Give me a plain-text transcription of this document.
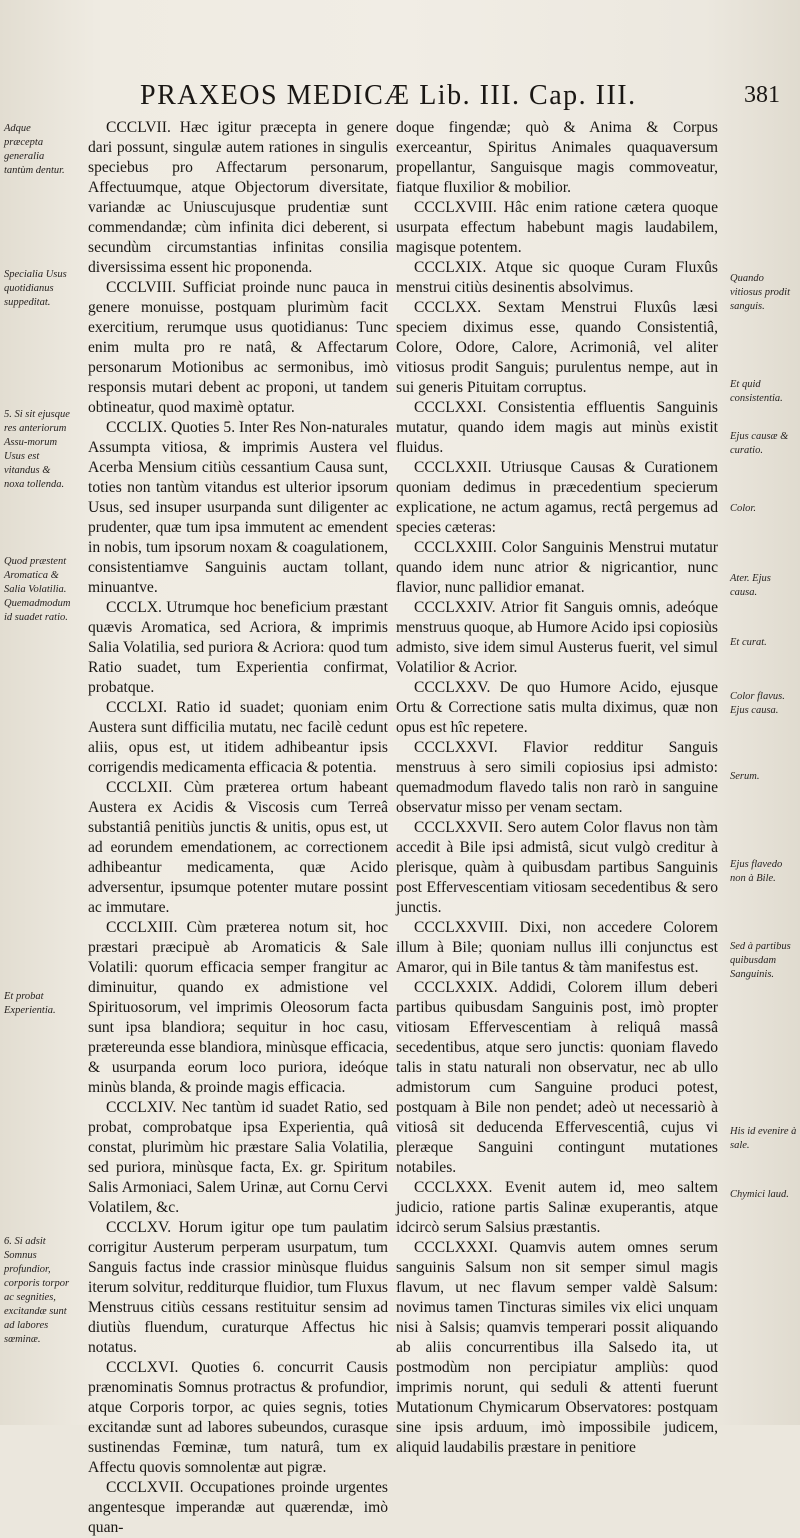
PRAXEOS MEDICÆ Lib. III. Cap. III.	381
Adque præcepta generalia tantùm dentur.
Specialia Usus quotidianus suppeditat.
5. Si sit ejusque res anteriorum Assu-morum Usus est vitandus & noxa tollenda.
Quod præstent Aromatica & Salia Volatilia. Quemadmodum id suadet ratio.
Et probat Experientia.
6. Si adsit Somnus profundior, corporis torpor ac segnities, excitandæ sunt ad labores sœminæ.
Quando vitiosus prodit sanguis.
Et quid consistentia.
Ejus causæ & curatio.
Color.
Ater. Ejus causa.
Et curat.
Color flavus. Ejus causa.
Serum.
Ejus flavedo non à Bile.
Sed à partibus quibusdam Sanguinis.
His id evenire à sale.
Chymici laud.

CCCLVII. Hæc igitur præcepta in genere dari possunt, singulæ autem rationes in singulis speciebus pro Affectarum personarum, Affectuumque, atque Objectorum diversitate, variandæ ac Uniuscujusque prudentiæ sunt commendandæ; cùm infinita dici deberent, si secundùm circumstantias infinitas consilia diversissima essent hic proponenda.

CCCLVIII. Sufficiat proinde nunc pauca in genere monuisse, postquam plurimùm facit exercitium, rerumque usus quotidianus: Tunc enim multa pro re natâ, & Affectarum personarum Motionibus ac sermonibus, imò responsis mutari debent ac proponi, ut tandem obtineatur, quod maximè optatur.

CCCLIX. Quoties 5. Inter Res Non-naturales Assumpta vitiosa, & imprimis Austera vel Acerba Mensium citiùs cessantium Causa sunt, toties non tantùm vitandus est ulterior ipsorum Usus, sed insuper usurpanda sunt diligenter ac prudenter, quæ tum ipsa immutent ac emendent in nobis, tum ipsorum noxam & coagulationem, consistentiamve Sanguinis auctam tollant, minuantve.

CCCLX. Utrumque hoc beneficium præstant quævis Aromatica, sed Acriora, & imprimis Salia Volatilia, sed puriora & Acriora: quod tum Ratio suadet, tum Experientia confirmat, probatque.

CCCLXI. Ratio id suadet; quoniam enim Austera sunt difficilia mutatu, nec facilè cedunt aliis, opus est, ut itidem adhibeantur ipsis corrigendis medicamenta efficacia & potentia.

CCCLXII. Cùm præterea ortum habeant Austera ex Acidis & Viscosis cum Terreâ substantiâ penitiùs junctis & unitis, opus est, ut ad eorundem emendationem, ac correctionem adhibeantur medicamenta, quæ Acido adversentur, ipsumque potenter mutare possint ac immutare.

CCCLXIII. Cùm præterea notum sit, hoc præstari præcipuè ab Aromaticis & Sale Volatili: quorum efficacia semper frangitur ac diminuitur, quando ex admistione vel Spirituosorum, vel imprimis Oleosorum facta sunt ipsa blandiora; sequitur in hoc casu, prætereunda esse blandiora, minùsque efficacia, & usurpanda eorum loco puriora, ideóque minùs blanda, & proinde magis efficacia.

CCCLXIV. Nec tantùm id suadet Ratio, sed probat, comprobatque ipsa Experientia, quâ constat, plurimùm hic præstare Salia Volatilia, sed puriora, minùsque facta, Ex. gr. Spiritum Salis Armoniaci, Salem Urinæ, aut Cornu Cervi Volatilem, &c.

CCCLXV. Horum igitur ope tum paulatim corrigitur Austerum perperam usurpatum, tum Sanguis factus inde crassior minùsque fluidus iterum solvitur, redditurque fluidior, tum Fluxus Menstruus citiùs cessans restituitur sensim ad diutiùs fluendum, curaturque Affectus hic notatus.

CCCLXVI. Quoties 6. concurrit Causis prænominatis Somnus protractus & profundior, atque Corporis torpor, ac quies segnis, toties excitandæ sunt ad labores subeundos, curasque sustinendas Fœminæ, tum naturâ, tum ex Affectu quovis somnolentæ aut pigræ.

CCCLXVII. Occupationes proinde urgentes angentesque imperandæ aut quærendæ, imò quan-

doque fingendæ; quò & Anima & Corpus exerceantur, Spiritus Animales quaquaversum propellantur, Sanguisque magis commoveatur, fiatque fluxilior & mobilior.

CCCLXVIII. Hâc enim ratione cætera quoque usurpata effectum habebunt magis laudabilem, magisque potentem.

CCCLXIX. Atque sic quoque Curam Fluxûs menstrui citiùs desinentis absolvimus.

CCCLXX. Sextam Menstrui Fluxûs læsi speciem diximus esse, quando Consistentiâ, Colore, Odore, Calore, Acrimoniâ, vel aliter vitiosus prodit Sanguis; purulentus nempe, aut in sui generis Pituitam corruptus.

CCCLXXI. Consistentia effluentis Sanguinis mutatur, quando idem magis aut minùs existit fluidus.

CCCLXXII. Utriusque Causas & Curationem quoniam dedimus in præcedentium specierum explicatione, ne actum agamus, rectâ pergemus ad species cæteras:

CCCLXXIII. Color Sanguinis Menstrui mutatur quando idem nunc atrior & nigricantior, nunc flavior, nunc pallidior emanat.

CCCLXXIV. Atrior fit Sanguis omnis, adeóque menstruus quoque, ab Humore Acido ipsi copiosiùs admisto, sive idem simul Austerus fuerit, vel simul Volatilior & Acrior.

CCCLXXV. De quo Humore Acido, ejusque Ortu & Correctione satis multa diximus, quæ non opus est hîc repetere.

CCCLXXVI. Flavior redditur Sanguis menstruus à sero simili copiosius ipsi admisto: quemadmodum flavedo talis non rarò in sanguine observatur misso per venam sectam.

CCCLXXVII. Sero autem Color flavus non tàm accedit à Bile ipsi admistâ, sicut vulgò creditur à plerisque, quàm à quibusdam partibus Sanguinis post Effervescentiam vitiosam secedentibus & sero junctis.

CCCLXXVIII. Dixi, non accedere Colorem illum à Bile; quoniam nullus illi conjunctus est Amaror, qui in Bile tantus & tàm manifestus est.

CCCLXXIX. Addidi, Colorem illum deberi partibus quibusdam Sanguinis post, imò propter vitiosam Effervescentiam à reliquâ massâ secedentibus, atque sero junctis: quoniam flavedo talis in statu naturali non observatur, nec ab ullo admistorum cum Sanguine produci potest, postquam à Bile non pendet; adeò ut necessariò à vitiosâ sit deducenda Effervescentiâ, cujus vi pleræque Sanguini contingunt mutationes notabiles.

CCCLXXX. Evenit autem id, meo saltem judicio, ratione partis Salinæ exuperantis, atque idcircò serum Salsius præstantis.

CCCLXXXI. Quamvis autem omnes serum sanguinis Salsum non sit semper simul magis flavum, ut nec flavum semper valdè Salsum: novimus tamen Tincturas similes vix elici unquam nisi à Salsis; quamvis temperari possit aliquando ab aliis concurrentibus illa Salsedo ita, ut postmodùm non percipiatur ampliùs: quod imprimis norunt, qui seduli & attenti fuerunt Mutationum Chymicarum Observatores: postquam sine ipsis arduum, imò impossibile judicem, aliquid laudabilis præstare in penitiore
